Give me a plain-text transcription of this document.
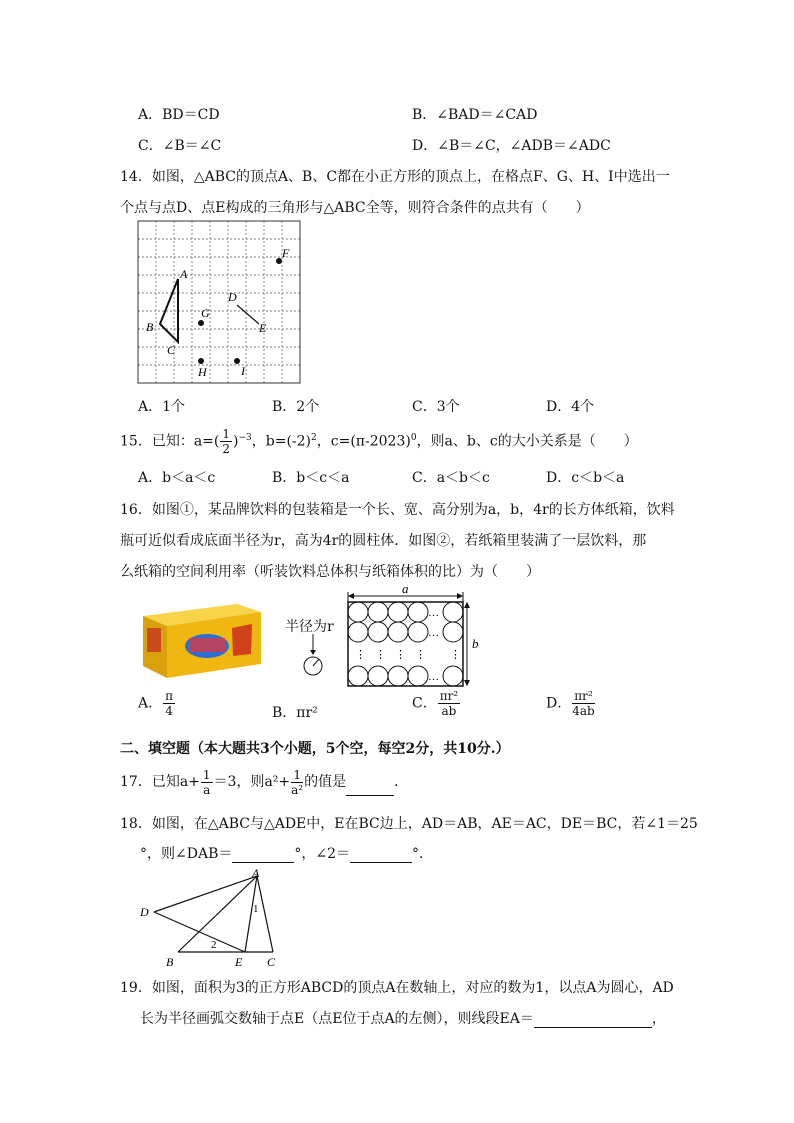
A．BD＝CD	B．∠BAD＝∠CAD
C．∠B＝∠C	D．∠B＝∠C，∠ADB＝∠ADC
14．如图，△ABC的顶点A、B、C都在小正方形的顶点上，在格点F、G、H、I中选出一
个点与点D、点E构成的三角形与△ABC全等，则符合条件的点共有（　　）
A
B
C
D
E
F
G
H	I
A．1个	B．2个	C．3个	D．4个
15．已知：$a=( \frac{1}{2} )^{-3}$，$b=(-2)^2$，$c=(\pi-2023)^0$，则a、b、c的大小关系是（　　）
A．b＜a＜c	B．b＜c＜a	C．a＜b＜c	D．c＜b＜a
16．如图①，某品牌饮料的包装箱是一个长、宽、高分别为a，b，4r的长方体纸箱，饮料
瓶可近似看成底面半径为r，高为4r的圆柱体．如图②，若纸箱里装满了一层饮料，那
么纸箱的空间利用率（听装饮料总体积与纸箱体积的比）为（　　）
半径为r
a
…
…
…
⋮ ⋮ ⋮ ⋮ ⋮
b
A． $\frac{\pi}{4}$	B．πr²
C． $\frac{\text{πr²}}{ab}$	D． $\frac{\text{πr²}}{4ab}$
二、填空题（本大题共3个小题，5个空，每空2分，共10分.）
17．已知$a+ \frac{1}{a} =3$，则$a^2+ \frac{1}{\text{a²}}$ 的值是	．
18．如图，在△ABC与△ADE中，E在BC边上，AD＝AB，AE＝AC，DE＝BC，若∠1＝25
°，则∠DAB＝	°，∠2＝	°．
A
D
B	E C
1
2
19．如图，面积为3的正方形ABCD的顶点A在数轴上，对应的数为1，以点A为圆心，AD
长为半径画弧交数轴于点E（点E位于点A的左侧），则线段EA＝	，
